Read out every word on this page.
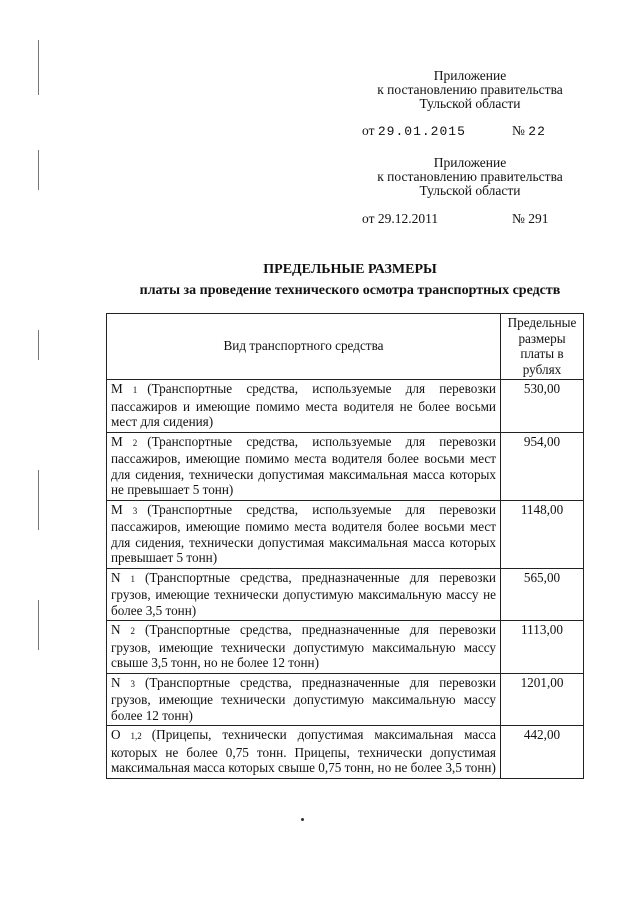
Приложение
к постановлению правительства
Тульской области
от 29.01.2015	№ 22
Приложение
к постановлению правительства
Тульской области
от 29.12.2011	№ 291
ПРЕДЕЛЬНЫЕ РАЗМЕРЫ
платы за проведение технического осмотра транспортных средств
Вид транспортного средства	Предельные размеры платы в рублях
М 1 (Транспортные средства, используемые для перевозки пассажиров и имеющие помимо места водителя не более восьми мест для сидения)	530,00
М 2 (Транспортные средства, используемые для перевозки пассажиров, имеющие помимо места водителя более восьми мест для сидения, технически допустимая максимальная масса которых не превышает 5 тонн)	954,00
М 3 (Транспортные средства, используемые для перевозки пассажиров, имеющие помимо места водителя более восьми мест для сидения, технически допустимая максимальная масса которых превышает 5 тонн)	1148,00
N 1 (Транспортные средства, предназначенные для перевозки грузов, имеющие технически допустимую максимальную массу не более 3,5 тонн)	565,00
N 2 (Транспортные средства, предназначенные для перевозки грузов, имеющие технически допустимую максимальную массу свыше 3,5 тонн, но не более 12 тонн)	1113,00
N 3 (Транспортные средства, предназначенные для перевозки грузов, имеющие технически допустимую максимальную массу более 12 тонн)	1201,00
О 1,2 (Прицепы, технически допустимая максимальная масса которых не более 0,75 тонн. Прицепы, технически допустимая максимальная масса которых свыше 0,75 тонн, но не более 3,5 тонн)	442,00
